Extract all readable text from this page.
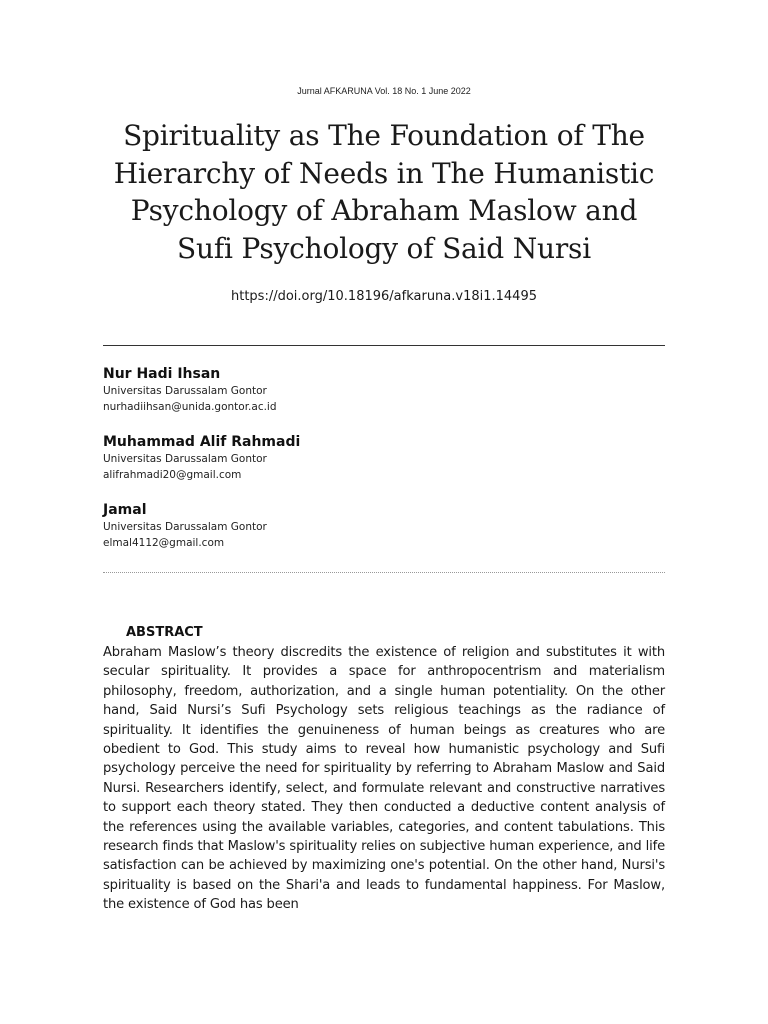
Jurnal AFKARUNA Vol. 18 No. 1 June 2022
Spirituality as The Foundation of The
Hierarchy of Needs in The Humanistic
Psychology of Abraham Maslow and
Sufi Psychology of Said Nursi
https://doi.org/10.18196/afkaruna.v18i1.14495
Nur Hadi Ihsan
Universitas Darussalam Gontor
nurhadiihsan@unida.gontor.ac.id
Muhammad Alif Rahmadi
Universitas Darussalam Gontor
alifrahmadi20@gmail.com
Jamal
Universitas Darussalam Gontor
elmal4112@gmail.com
ABSTRACT

Abraham Maslow’s theory discredits the existence of religion and substitutes it with secular spirituality. It provides a space for anthropocentrism and materialism philosophy, freedom, authorization, and a single human potentiality. On the other hand, Said Nursi’s Sufi Psychology sets religious teachings as the radiance of spirituality. It identifies the genuineness of human beings as creatures who are obedient to God. This study aims to reveal how humanistic psychology and Sufi psychology perceive the need for spirituality by referring to Abraham Maslow and Said Nursi. Researchers identify, select, and formulate relevant and constructive narratives to support each theory stated. They then conducted a deductive content analysis of the references using the available variables, categories, and content tabulations. This research finds that Maslow's spirituality relies on subjective human experience, and life satisfaction can be achieved by maximizing one's potential. On the other hand, Nursi's spirituality is based on the Shari'a and leads to fundamental happiness. For Maslow, the existence of God has been
